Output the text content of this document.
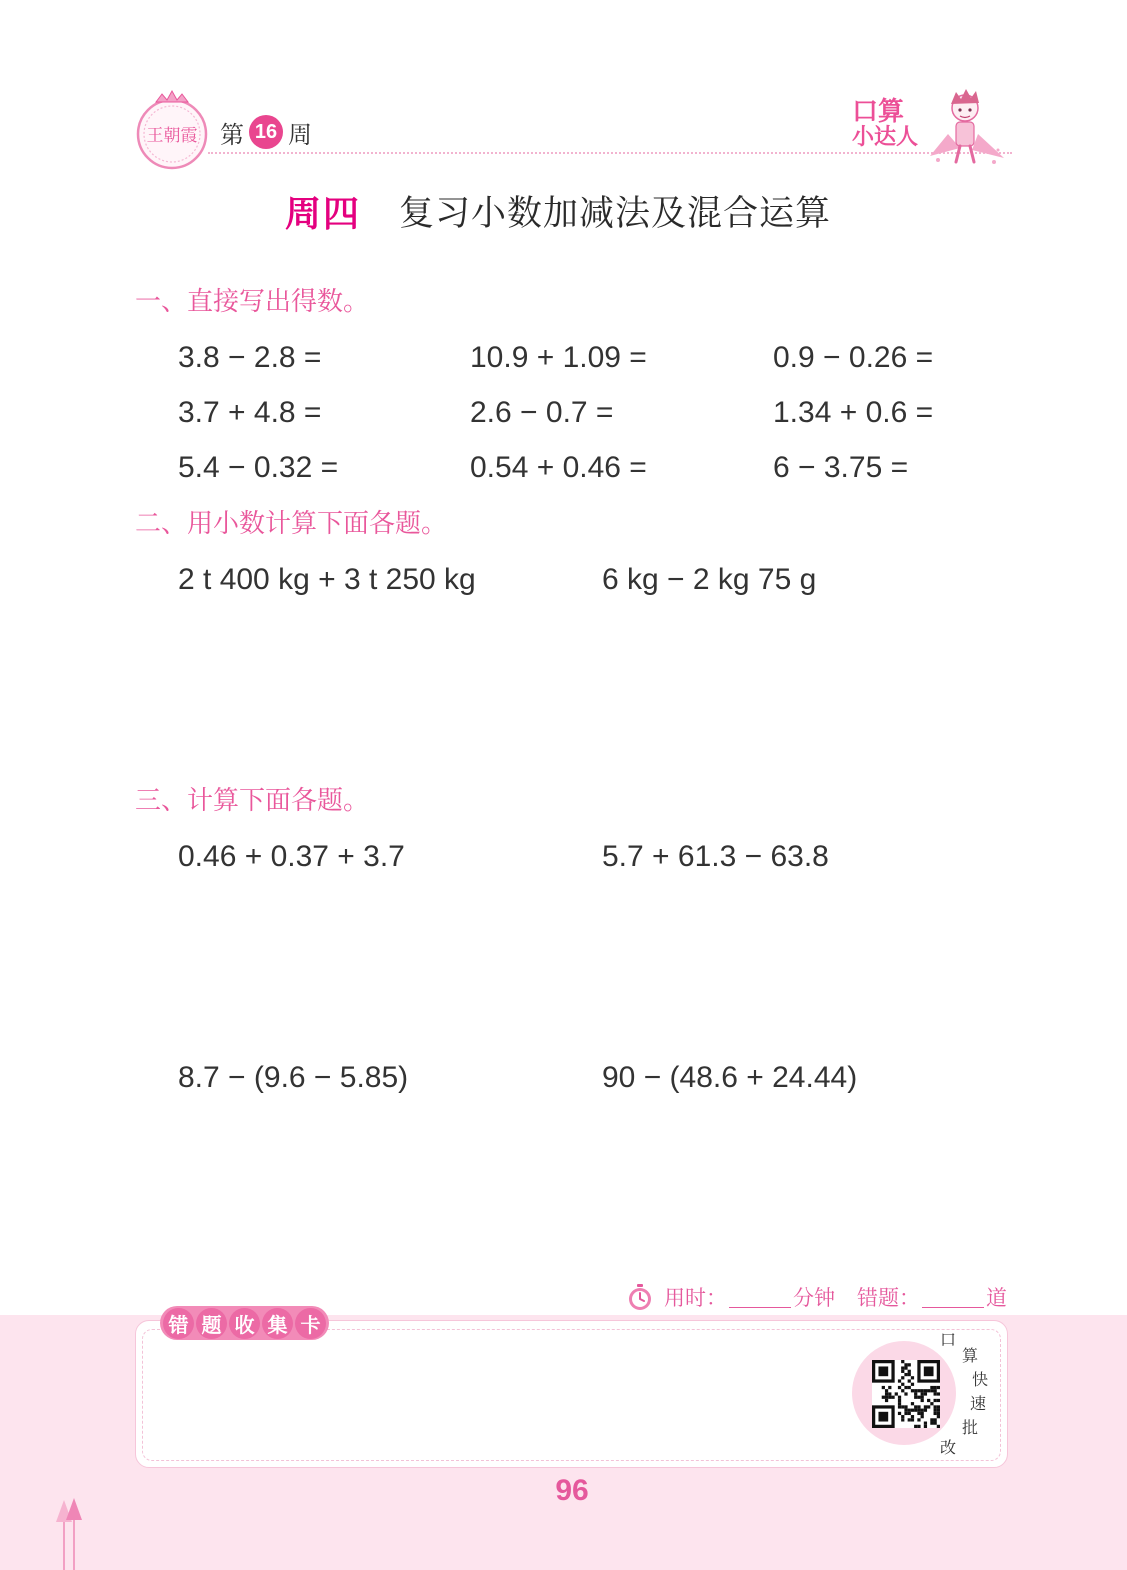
王朝霞 第 16 周
口算
小达人
周四 复习小数加减法及混合运算
一、直接写出得数。
3.8 − 2.8 =	10.9 + 1.09 =	0.9 − 0.26 =
3.7 + 4.8 =	2.6 − 0.7 =	1.34 + 0.6 =
5.4 − 0.32 =	0.54 + 0.46 =	6 − 3.75 =
二、用小数计算下面各题。
2 t 400 kg + 3 t 250 kg	6 kg − 2 kg 75 g
三、计算下面各题。
0.46 + 0.37 + 3.7	5.7 + 61.3 − 63.8
8.7 − (9.6 − 5.85)	90 − (48.6 + 24.44)
用时：	分钟 错题：	道
错 题 收 集 卡
口
算
快
速
批
改
96
